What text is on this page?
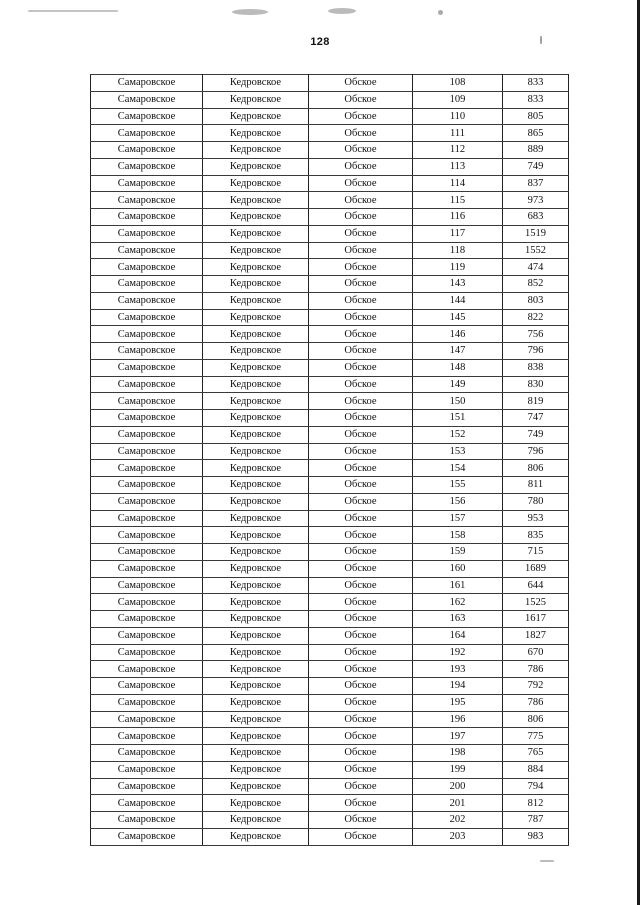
128
Самаровское	Кедровское	Обское	108	833
Самаровское	Кедровское	Обское	109	833
Самаровское	Кедровское	Обское	110	805
Самаровское	Кедровское	Обское	111	865
Самаровское	Кедровское	Обское	112	889
Самаровское	Кедровское	Обское	113	749
Самаровское	Кедровское	Обское	114	837
Самаровское	Кедровское	Обское	115	973
Самаровское	Кедровское	Обское	116	683
Самаровское	Кедровское	Обское	117	1519
Самаровское	Кедровское	Обское	118	1552
Самаровское	Кедровское	Обское	119	474
Самаровское	Кедровское	Обское	143	852
Самаровское	Кедровское	Обское	144	803
Самаровское	Кедровское	Обское	145	822
Самаровское	Кедровское	Обское	146	756
Самаровское	Кедровское	Обское	147	796
Самаровское	Кедровское	Обское	148	838
Самаровское	Кедровское	Обское	149	830
Самаровское	Кедровское	Обское	150	819
Самаровское	Кедровское	Обское	151	747
Самаровское	Кедровское	Обское	152	749
Самаровское	Кедровское	Обское	153	796
Самаровское	Кедровское	Обское	154	806
Самаровское	Кедровское	Обское	155	811
Самаровское	Кедровское	Обское	156	780
Самаровское	Кедровское	Обское	157	953
Самаровское	Кедровское	Обское	158	835
Самаровское	Кедровское	Обское	159	715
Самаровское	Кедровское	Обское	160	1689
Самаровское	Кедровское	Обское	161	644
Самаровское	Кедровское	Обское	162	1525
Самаровское	Кедровское	Обское	163	1617
Самаровское	Кедровское	Обское	164	1827
Самаровское	Кедровское	Обское	192	670
Самаровское	Кедровское	Обское	193	786
Самаровское	Кедровское	Обское	194	792
Самаровское	Кедровское	Обское	195	786
Самаровское	Кедровское	Обское	196	806
Самаровское	Кедровское	Обское	197	775
Самаровское	Кедровское	Обское	198	765
Самаровское	Кедровское	Обское	199	884
Самаровское	Кедровское	Обское	200	794
Самаровское	Кедровское	Обское	201	812
Самаровское	Кедровское	Обское	202	787
Самаровское	Кедровское	Обское	203	983
